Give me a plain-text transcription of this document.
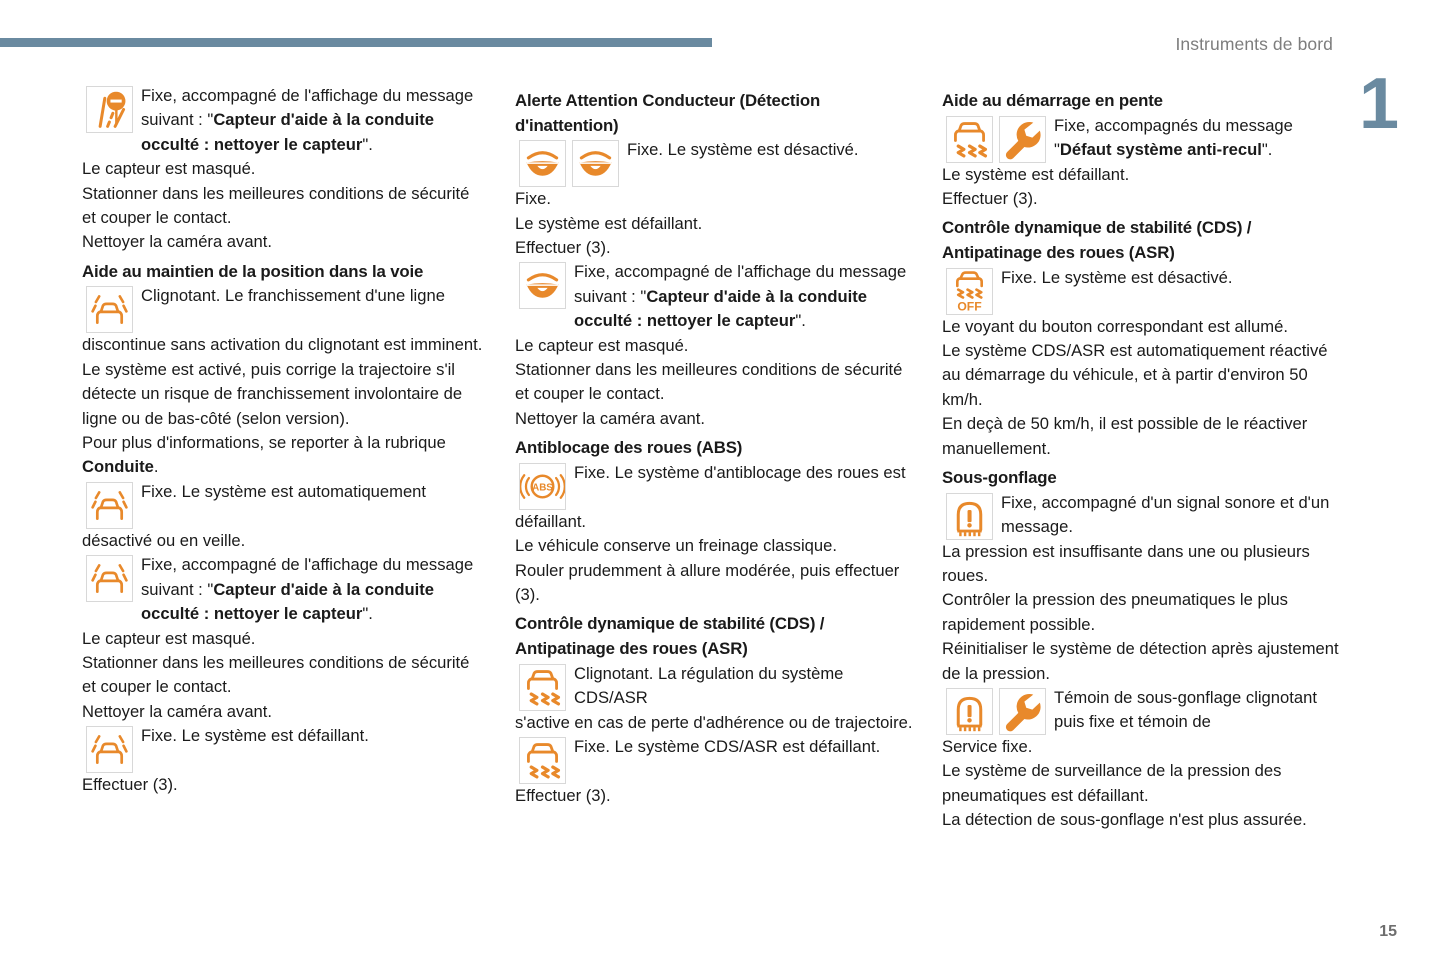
Instruments de bord
1
15

Fixe, accompagné de l'affichage du message suivant : "Capteur d'aide à la conduite occulté : nettoyer le capteur".

Le capteur est masqué.

Stationner dans les meilleures conditions de sécurité et couper le contact.

Nettoyer la caméra avant.

Aide au maintien de la position dans la voie

Clignotant. Le franchissement d'une ligne

discontinue sans activation du clignotant est imminent.

Le système est activé, puis corrige la trajectoire s'il détecte un risque de franchissement involontaire de ligne ou de bas-côté (selon version).

Pour plus d'informations, se reporter à la rubrique Conduite.

Fixe. Le système est automatiquement

désactivé ou en veille.

Fixe, accompagné de l'affichage du message suivant : "Capteur d'aide à la conduite occulté : nettoyer le capteur".

Le capteur est masqué.

Stationner dans les meilleures conditions de sécurité et couper le contact.

Nettoyer la caméra avant.

Fixe. Le système est défaillant.

Effectuer (3).

Alerte Attention Conducteur (Détection d'inattention)

Fixe. Le système est désactivé.

Fixe.

Le système est défaillant.

Effectuer (3).

Fixe, accompagné de l'affichage du message suivant : "Capteur d'aide à la conduite occulté : nettoyer le capteur".

Le capteur est masqué.

Stationner dans les meilleures conditions de sécurité et couper le contact.

Nettoyer la caméra avant.

Antiblocage des roues (ABS)

Fixe. Le système d'antiblocage des roues est

défaillant.

Le véhicule conserve un freinage classique.

Rouler prudemment à allure modérée, puis effectuer (3).

Contrôle dynamique de stabilité (CDS) / Antipatinage des roues (ASR)

Clignotant. La régulation du système CDS/ASR

s'active en cas de perte d'adhérence ou de trajectoire.

Fixe. Le système CDS/ASR est défaillant.

Effectuer (3).

Aide au démarrage en pente

Fixe, accompagnés du message "Défaut système anti-recul".

Le système est défaillant.

Effectuer (3).

Contrôle dynamique de stabilité (CDS) / Antipatinage des roues (ASR)

Fixe. Le système est désactivé.

Le voyant du bouton correspondant est allumé.

Le système CDS/ASR est automatiquement réactivé au démarrage du véhicule, et à partir d'environ 50 km/h.

En deçà de 50 km/h, il est possible de le réactiver manuellement.

Sous-gonflage

Fixe, accompagné d'un signal sonore et d'un message.

La pression est insuffisante dans une ou plusieurs roues.

Contrôler la pression des pneumatiques le plus rapidement possible.

Réinitialiser le système de détection après ajustement de la pression.

Témoin de sous-gonflage clignotant puis fixe et témoin de

Service fixe.

Le système de surveillance de la pression des pneumatiques est défaillant.

La détection de sous-gonflage n'est plus assurée.
